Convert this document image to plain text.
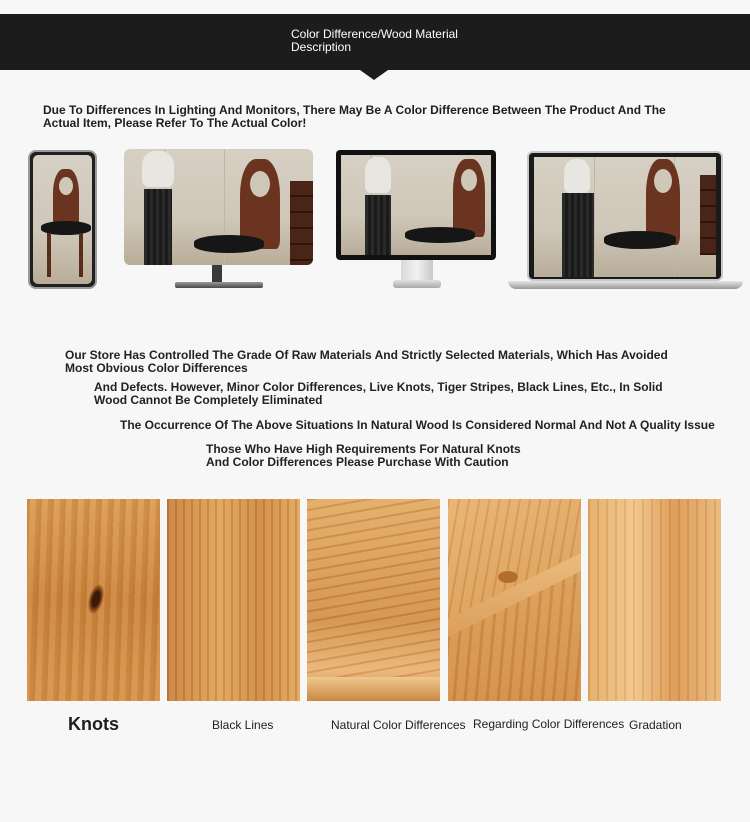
Color Difference/Wood Material Description
Due To Differences In Lighting And Monitors, There May Be A Color Difference Between The Product And The Actual Item, Please Refer To The Actual Color!
Our Store Has Controlled The Grade Of Raw Materials And Strictly Selected Materials, Which Has Avoided Most Obvious Color Differences
And Defects. However, Minor Color Differences, Live Knots, Tiger Stripes, Black Lines, Etc., In Solid Wood Cannot Be Completely Eliminated
The Occurrence Of The Above Situations In Natural Wood Is Considered Normal And Not A Quality Issue
Those Who Have High Requirements For Natural Knots And Color Differences Please Purchase With Caution
Knots	Black Lines	Natural Color Differences Regarding Color Differences Gradation
